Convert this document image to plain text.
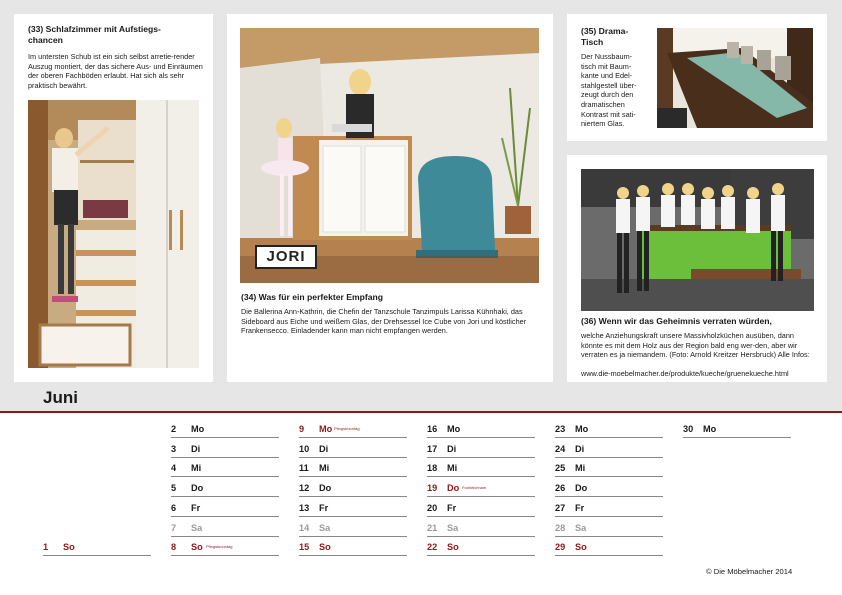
(33) Schlafzimmer mit Aufstiegs-chancen
Im untersten Schub ist ein sich selbst arretie-render Auszug montiert, der das sichere Aus- und Einräumen der oberen Fachböden erlaubt. Hat sich als sehr praktisch bewährt.
JORI
(34) Was für ein perfekter Empfang
Die Ballerina Ann-Kathrin, die Chefin der Tanzschule Tanzimpuls Larissa Kühnhaki, das Sideboard aus Eiche und weißem Glas, der Drehsessel Ice Cube von Jori und köstlicher Frankensecco. Einladender kann man nicht empfangen werden.
(35) Drama-Tisch
Der Nussbaum-tisch mit Baum-kante und Edel-stahlgestell über-zeugt durch den dramatischen Kontrast mit sati-niertem Glas.
(36) Wenn wir das Geheimnis verraten würden,
welche Anziehungskraft unsere Massivholzküchen ausüben, dann könnte es mit dem Holz aus der Region bald eng wer-den, aber wir verraten es ja niemandem. (Foto: Arnold Kreitzer Hersbruck) Alle Infos:
www.die-moebelmacher.de/produkte/kueche/gruenekueche.html
Juni
1 So
2 Mo
3 Di
4 Mi
5 Do
6 Fr
7 Sa
8 So Pfingstsonntag
9 Mo Pfingstmontag
10 Di
11 Mi
12 Do
13 Fr
14 Sa
15 So
16 Mo
17 Di
18 Mi
19 Do Fronleichnam
20 Fr
21 Sa
22 So
23 Mo
24 Di
25 Mi
26 Do
27 Fr
28 Sa
29 So
30 Mo
© Die Möbelmacher 2014
